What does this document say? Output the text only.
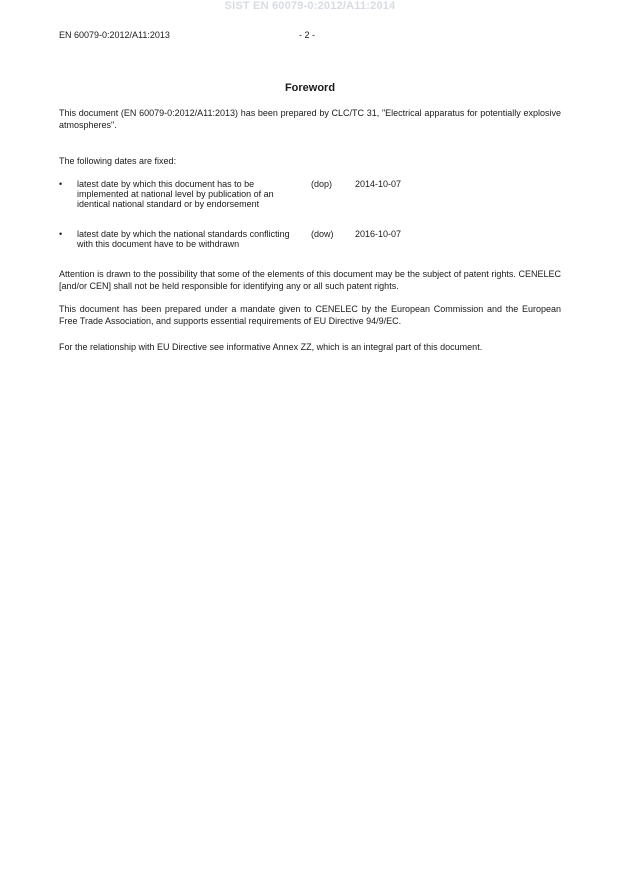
SIST EN 60079-0:2012/A11:2014
EN 60079-0:2012/A11:2013	- 2 -
Foreword

This document (EN 60079-0:2012/A11:2013) has been prepared by CLC/TC 31, "Electrical apparatus for potentially explosive atmospheres".

The following dates are fixed:

• latest date by which this document has to be implemented at national level by publication of an identical national standard or by endorsement
(dop)	2014-10-07
• latest date by which the national standards conflicting with this document have to be withdrawn
(dow) 2016-10-07

Attention is drawn to the possibility that some of the elements of this document may be the subject of patent rights. CENELEC [and/or CEN] shall not be held responsible for identifying any or all such patent rights.

This document has been prepared under a mandate given to CENELEC by the European Commission and the European Free Trade Association, and supports essential requirements of EU Directive 94/9/EC.

For the relationship with EU Directive see informative Annex ZZ, which is an integral part of this document.
